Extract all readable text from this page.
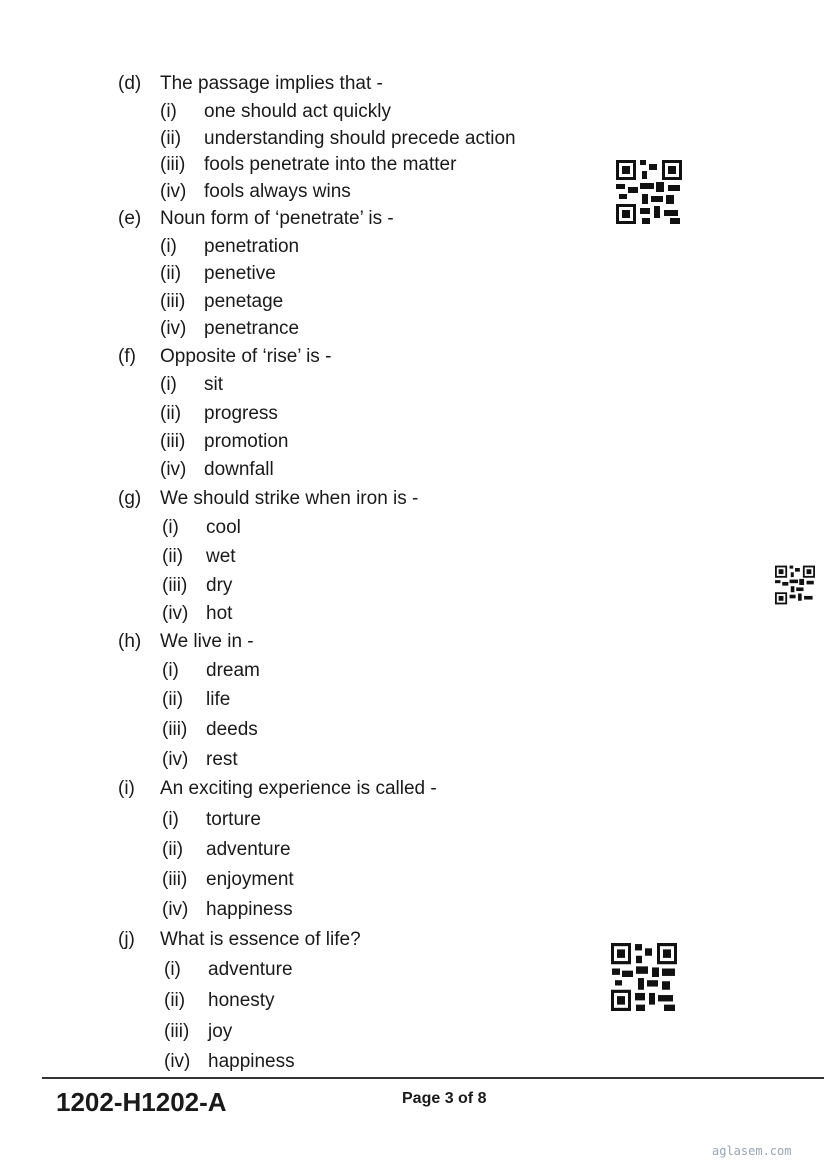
(d) The passage implies that -
(i) one should act quickly
(ii) understanding should precede action
(iii) fools penetrate into the matter
(iv) fools always wins
(e) Noun form of ‘penetrate’ is -
(i) penetration
(ii) penetive
(iii) penetage
(iv) penetrance
(f) Opposite of ‘rise’ is -
(i) sit
(ii) progress
(iii) promotion
(iv) downfall
(g) We should strike when iron is -
(i) cool
(ii) wet
(iii) dry
(iv) hot
(h) We live in -
(i) dream
(ii) life
(iii) deeds
(iv) rest
(i) An exciting experience is called -
(i) torture
(ii) adventure
(iii) enjoyment
(iv) happiness
(j) What is essence of life?
(i) adventure
(ii) honesty
(iii) joy
(iv) happiness
1202-H1202-A	Page 3 of 8
aglasem.com
